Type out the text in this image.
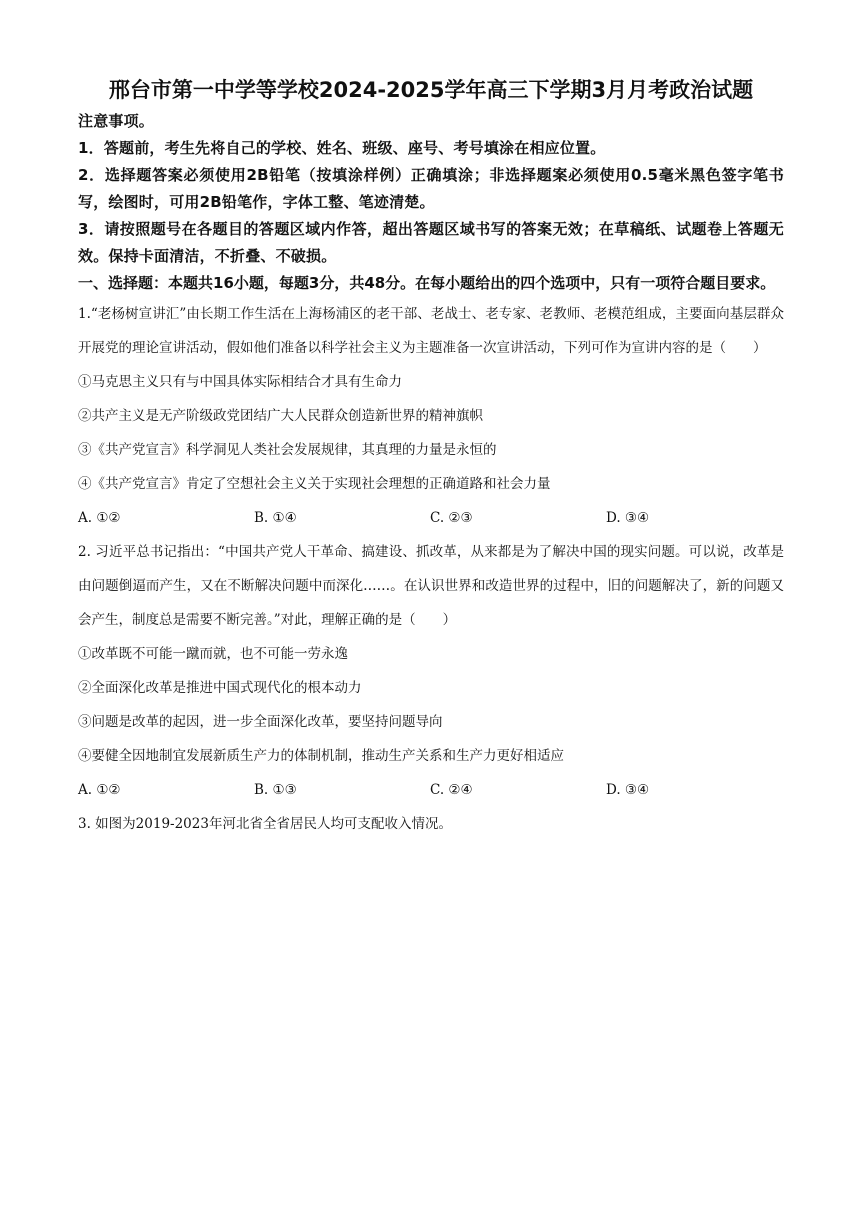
邢台市第一中学等学校2024-2025学年高三下学期3月月考政治试题

注意事项。

1．答题前，考生先将自己的学校、姓名、班级、座号、考号填涂在相应位置。

2．选择题答案必须使用2B铅笔（按填涂样例）正确填涂；非选择题案必须使用0.5毫米黑色签字笔书写，绘图时，可用2B铅笔作，字体工整、笔迹清楚。

3．请按照题号在各题目的答题区域内作答，超出答题区域书写的答案无效；在草稿纸、试题卷上答题无效。保持卡面清洁，不折叠、不破损。

一、选择题：本题共16小题，每题3分，共48分。在每小题给出的四个选项中，只有一项符合题目要求。

1.“老杨树宣讲汇”由长期工作生活在上海杨浦区的老干部、老战士、老专家、老教师、老模范组成，主要面向基层群众开展党的理论宣讲活动，假如他们准备以科学社会主义为主题准备一次宣讲活动，下列可作为宣讲内容的是（　　）

①马克思主义只有与中国具体实际相结合才具有生命力

②共产主义是无产阶级政党团结广大人民群众创造新世界的精神旗帜

③《共产党宣言》科学洞见人类社会发展规律，其真理的力量是永恒的

④《共产党宣言》肯定了空想社会主义关于实现社会理想的正确道路和社会力量

A. ①②	B. ①④	C. ②③	D. ③④

2. 习近平总书记指出：“中国共产党人干革命、搞建设、抓改革，从来都是为了解决中国的现实问题。可以说，改革是由问题倒逼而产生，又在不断解决问题中而深化……。在认识世界和改造世界的过程中，旧的问题解决了，新的问题又会产生，制度总是需要不断完善。”对此，理解正确的是（　　）

①改革既不可能一蹴而就，也不可能一劳永逸

②全面深化改革是推进中国式现代化的根本动力

③问题是改革的起因，进一步全面深化改革，要坚持问题导向

④要健全因地制宜发展新质生产力的体制机制，推动生产关系和生产力更好相适应

A. ①②	B. ①③	C. ②④	D. ③④

3. 如图为2019-2023年河北省全省居民人均可支配收入情况。
